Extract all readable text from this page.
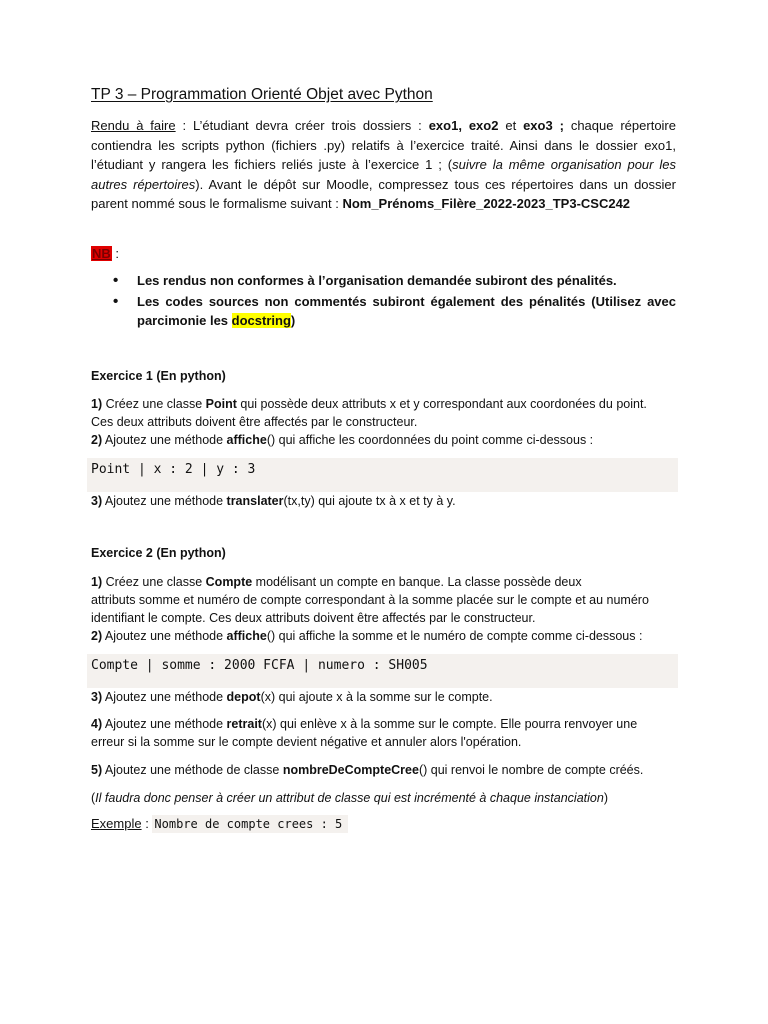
TP 3 – Programmation Orienté Objet avec Python
Rendu à faire : L’étudiant devra créer trois dossiers : exo1, exo2 et exo3 ; chaque répertoire contiendra les scripts python (fichiers .py) relatifs à l’exercice traité. Ainsi dans le dossier exo1, l’étudiant y rangera les fichiers reliés juste à l’exercice 1 ; (suivre la même organisation pour les autres répertoires). Avant le dépôt sur Moodle, compressez tous ces répertoires dans un dossier parent nommé sous le formalisme suivant : Nom_Prénoms_Filère_2022-2023_TP3-CSC242
NB :
• Les rendus non conformes à l’organisation demandée subiront des pénalités.
• Les codes sources non commentés subiront également des pénalités (Utilisez avec parcimonie les docstring)
Exercice 1 (En python)
1) Créez une classe Point qui possède deux attributs x et y correspondant aux coordonées du point.
Ces deux attributs doivent être affectés par le constructeur.
2) Ajoutez une méthode affiche() qui affiche les coordonnées du point comme ci-dessous :
Point | x : 2 | y : 3
3) Ajoutez une méthode translater(tx,ty) qui ajoute tx à x et ty à y.
Exercice 2 (En python)
1) Créez une classe Compte modélisant un compte en banque. La classe possède deux
attributs somme et numéro de compte correspondant à la somme placée sur le compte et au numéro
identifiant le compte. Ces deux attributs doivent être affectés par le constructeur.
2) Ajoutez une méthode affiche() qui affiche la somme et le numéro de compte comme ci-dessous :
Compte | somme : 2000 FCFA | numero : SH005
3) Ajoutez une méthode depot(x) qui ajoute x à la somme sur le compte.
4) Ajoutez une méthode retrait(x) qui enlève x à la somme sur le compte. Elle pourra renvoyer une
erreur si la somme sur le compte devient négative et annuler alors l'opération.
5) Ajoutez une méthode de classe nombreDeCompteCree() qui renvoi le nombre de compte créés.
(Il faudra donc penser à créer un attribut de classe qui est incrémenté à chaque instanciation)
Exemple : Nombre de compte crees : 5
